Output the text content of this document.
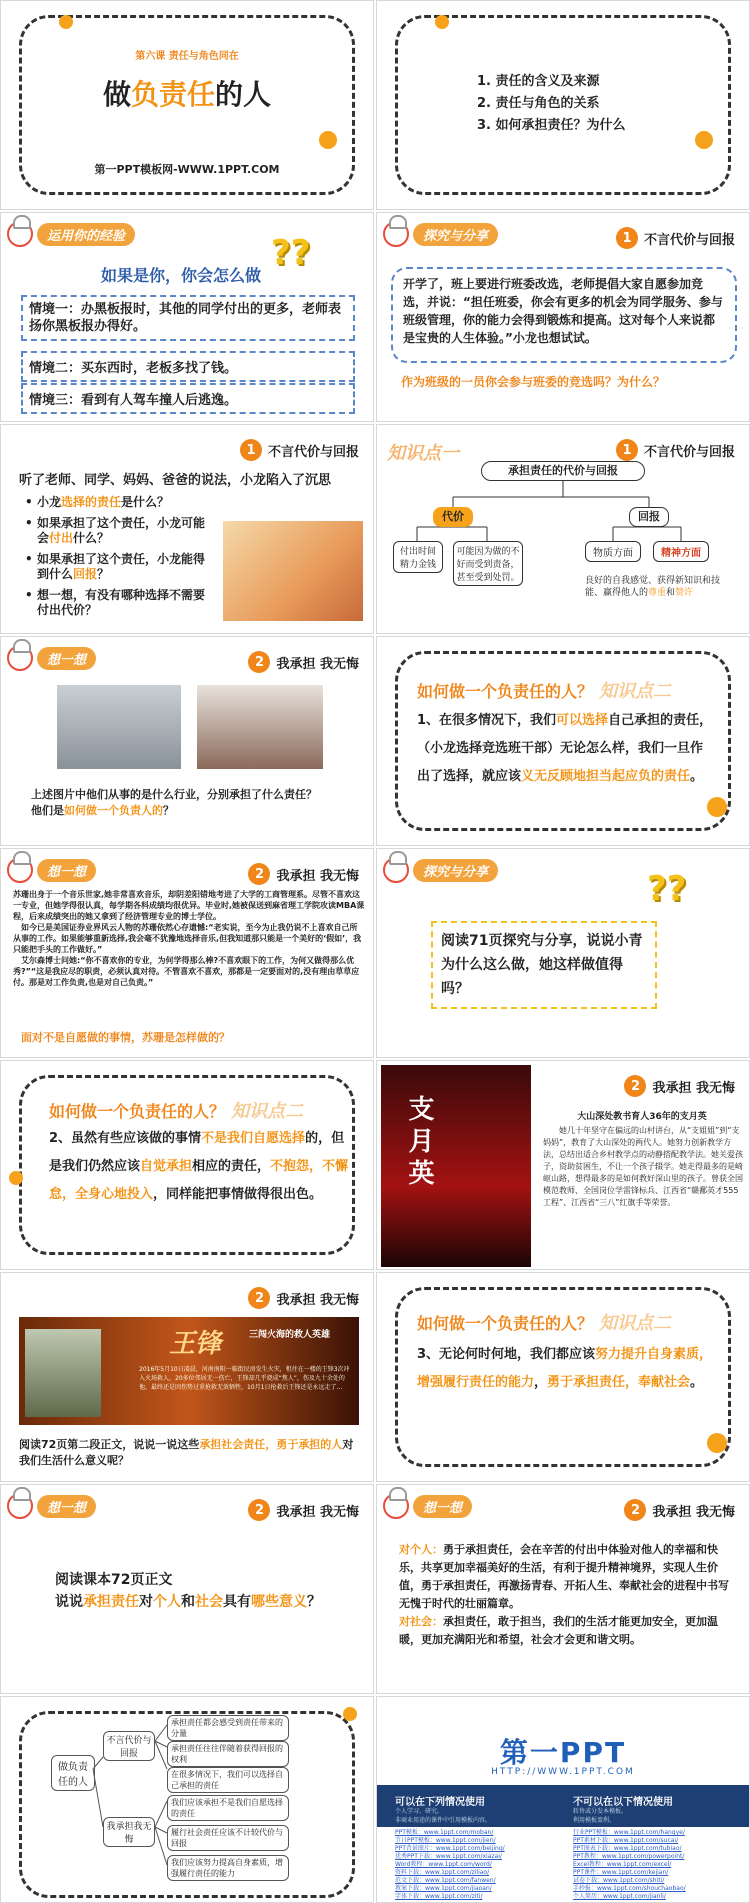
第六课 责任与角色同在
做负责任的人
第一PPT模板网-WWW.1PPT.COM
1. 责任的含义及来源
2. 责任与角色的关系
3. 如何承担责任？为什么
运用你的经验	??
如果是你，你会怎么做
情境一：办黑板报时，其他的同学付出的更多，老师表扬你黑板报办得好。
情境二：买东西时，老板多找了钱。
情境三：看到有人驾车撞人后逃逸。
探究与分享	1 不言代价与回报
开学了，班上要进行班委改选，老师提倡大家自愿参加竞选，并说：“担任班委，你会有更多的机会为同学服务、参与班级管理，你的能力会得到锻炼和提高。这对每个人来说都是宝贵的人生体验。”小龙也想试试。
作为班级的一员你会参与班委的竞选吗？为什么？
1 不言代价与回报
听了老师、同学、妈妈、爸爸的说法，小龙陷入了沉思
• 小龙选择的责任是什么？
• 如果承担了这个责任，小龙可能会付出什么？
• 如果承担了这个责任，小龙能得到什么回报？
• 想一想，有没有哪种选择不需要付出代价？
知识点一	1 不言代价与回报
承担责任的代价与回报
代价	回报
付出时间精力金钱
可能因为做的不好而受到责备，甚至受到处罚。
物质方面	精神方面
良好的自我感觉、获得新知识和技能、赢得他人的尊重和赞许
想一想	2 我承担 我无悔
上述图片中他们从事的是什么行业，分别承担了什么责任？
他们是如何做一个负责人的？
如何做一个负责任的人？ 知识点二
1、在很多情况下，我们可以选择自己承担的责任，（小龙选择竞选班干部）无论怎么样，我们一旦作出了选择，就应该义无反顾地担当起应负的责任。
想一想	2 我承担 我无悔

苏珊出身于一个音乐世家,她非常喜欢音乐，却阴差阳错地考进了大学的工商管理系。尽管不喜欢这一专业，但她学得很认真，每学期各科成绩均很优异。毕业时,她被保送到麻省理工学院攻读MBA课程，后来成绩突出的她又拿到了经济管理专业的博士学位。

如今已是美国证券业界风云人物的苏珊依然心存遗憾:“老实说，至今为止我仍说不上喜欢自己所从事的工作。如果能够重新选择,我会毫不犹豫地选择音乐,但我知道那只能是一个美好的‘假如’，我只能把手头的工作做好。”

艾尔森博士问她:“你不喜欢你的专业，为何学得那么棒?不喜欢眼下的工作，为何又做得那么优秀?”“这是我应尽的职责，必须认真对待。不管喜欢不喜欢，那都是一定要面对的,没有理由草草应付。那是对工作负责,也是对自己负责。”

面对不是自愿做的事情，苏珊是怎样做的？
探究与分享	??
阅读71页探究与分享，说说小青为什么这么做，她这样做值得吗？
如何做一个负责任的人？ 知识点二
2、虽然有些应该做的事情不是我们自愿选择的，但是我们仍然应该自觉承担相应的责任，不抱怨，不懈怠，全身心地投入，同样能把事情做得很出色。
2 我承担 我无悔
支月英	大山深处教书育人36年的支月英
她几十年坚守在偏远的山村讲台，从“支姐姐”到“支妈妈”，教育了大山深处的两代人。她努力创新教学方法，总结出适合乡村教学点的动静搭配教学法。她关爱孩子，资助贫困生，不让一个孩子辍学。她走得最多的是崎岖山路，想得最多的是如何教好深山里的孩子。曾获全国模范教师、全国岗位学雷锋标兵、江西省“赣鄱英才555工程”、江西省“三八”红旗手等荣誉。
2 我承担 我无悔
王锋	三闯火海的救人英雄
2016年5月10日凌晨，河南南阳一临街民房发生火灾，租住在一楼的王锋3次冲入火场救人，20多位邻居无一伤亡，王锋却几乎烧成“焦人”，伤及九十余处的他，最终还是因伤势过重抢救无效牺牲，10月1日抢救后王锋还是永远走了…
阅读72页第二段正文，说说一说这些承担社会责任，勇于承担的人对我们生活什么意义呢？
如何做一个负责任的人？ 知识点二
3、无论何时何地，我们都应该努力提升自身素质，增强履行责任的能力，勇于承担责任，奉献社会。
想一想	2 我承担 我无悔
阅读课本72页正文
说说承担责任对个人和社会具有哪些意义？
想一想	2 我承担 我无悔

对个人：勇于承担责任，会在辛苦的付出中体验对他人的幸福和快乐，共享更加幸福美好的生活，有利于提升精神境界，实现人生价值，勇于承担责任，再激扬青春、开拓人生、奉献社会的进程中书写无愧于时代的壮丽篇章。

对社会：承担责任，敢于担当，我们的生活才能更加安全，更加温暖，更加充满阳光和希望，社会才会更和谐文明。

做负责任的人
不言代价与回报
我承担我无悔
承担责任都会感受到责任带来的分量
承担责任往往伴随着获得回报的权利
在很多情况下，我们可以选择自己承担的责任
我们应该承担不是我们自愿选择的责任
履行社会责任应该不计较代价与回报
我们应该努力提高自身素质，增强履行责任的能力
第一PPT
HTTP://WWW.1PPT.COM
可以在下列情况使用	不可以在以下情况使用
个人学习、研究。
非商业用途的课件中引用模板内容。
转售或分发本模板。
利用模板盈利。
PPT模板：www.1ppt.com/moban/
节日PPT模板：www.1ppt.com/jieri/
PPT背景图片：www.1ppt.com/beijing/
优秀PPT下载：www.1ppt.com/xiazai/
Word教程：www.1ppt.com/word/
资料下载：www.1ppt.com/ziliao/
范文下载：www.1ppt.com/fanwen/
教案下载：www.1ppt.com/jiaoan/
字体下载：www.1ppt.com/ziti/
行业PPT模板：www.1ppt.com/hangye/
PPT素材下载：www.1ppt.com/sucai/
PPT图表下载：www.1ppt.com/tubiao/
PPT教程：www.1ppt.com/powerpoint/
Excel教程：www.1ppt.com/excel/
PPT课件：www.1ppt.com/kejian/
试卷下载：www.1ppt.com/shiti/
手抄报：www.1ppt.com/shouchaobao/
个人简历：www.1ppt.com/jianli/
